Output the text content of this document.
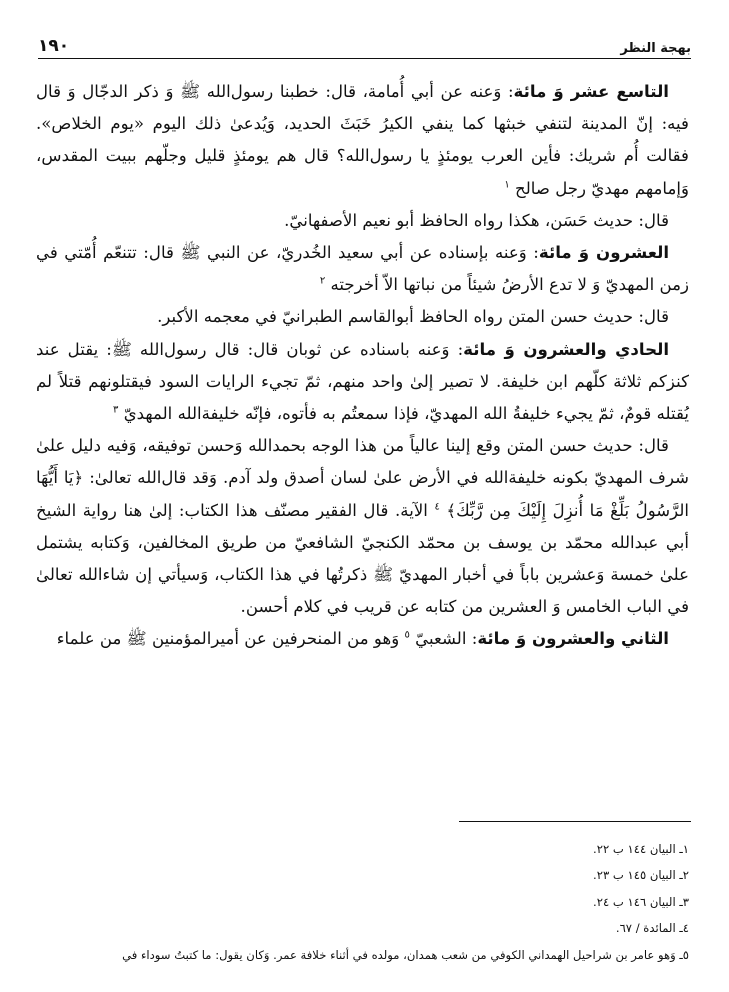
بهجة النظر
١٩٠

التاسع عشر وَ مائة: وَعنه عن أبي أُمامة، قال: خطبنا رسول‌الله ﷺ وَ ذكر الدجّال وَ قال فيه: إنّ المدينة لتنفي خبثها كما ينفي الكيرُ خَبَثَ الحديد، وَيُدعىٰ ذلك اليوم «يوم الخلاص». فقالت أُم شريك: فأين العرب يومئذٍ يا رسول‌الله؟ قال هم يومئذٍ قليل وجلّهم ببيت المقدس، وَإمامهم مهديّ رجل صالح $^١$

قال: حديث حَسَن، هكذا رواه الحافظ أبو نعيم الأصفهانيّ.

العشرون وَ مائة: وَعنه بإسناده عن أبي سعيد الخُدريّ، عن النبي ﷺ قال: تتنعّم أُمّتي في زمن المهديّ وَ لا تدع الأرضُ شيئاً من نباتها الاّ أخرجته $^٢$

قال: حديث حسن المتن رواه الحافظ أبوالقاسم الطبرانيّ في معجمه الأكبر.

الحادي والعشرون وَ مائة: وَعنه باسناده عن ثوبان قال: قال رسول‌الله ﷺ: يقتل عند كنزكم ثلاثة كلّهم ابن خليفة. لا تصير إلىٰ واحد منهم، ثمّ تجيء الرايات السود فيقتلونهم قتلاً لم يُقتله قومٌ، ثمّ يجيء خليفةُ الله المهديّ، فإذا سمعتُم به فأتوه، فإنّه خليفةالله المهديّ $^٣$

قال: حديث حسن المتن وقع إلينا عالياً من هذا الوجه بحمدالله وَحسن توفيقه، وَفيه دليل علىٰ شرف المهديّ بكونه خليفةالله في الأرض علىٰ لسان أصدق ولد آدم. وَقد قال‌الله تعالىٰ: ﴿يَا أَيُّهَا الرَّسُولُ بَلِّغْ مَا أُنزِلَ إِلَيْكَ مِن رَّبِّكَ﴾ $^٤$ الآية. قال الفقير مصنّف هذا الكتاب: إلىٰ هنا رواية الشيخ أبي عبدالله محمّد بن يوسف بن محمّد الكنجيّ الشافعيّ من طريق المخالفين، وَكتابه يشتمل علىٰ خمسة وَعشرين باباً في أخبار المهديّ ﷺ ذكرتُها في هذا الكتاب، وَسيأتي إن شاءالله تعالىٰ في الباب الخامس وَ العشرين من كتابه عن قريب في كلام أحسن.

الثاني والعشرون وَ مائة: الشعبيّ $^٥$ وَهو من المنحرفين عن أميرالمؤمنين ﷺ من علماء

١ـ البيان ١٤٤ ب ٢٢.
٢ـ البيان ١٤٥ ب ٢٣.
٣ـ البيان ١٤٦ ب ٢٤.
٤ـ المائدة / ٦٧.
٥ـ وَهو عامر بن شراحيل الهمداني الكوفي من شعب همدان، مولده في أثناء خلافة عمر. وَكان يقول: ما كتبتُ سوداء في
